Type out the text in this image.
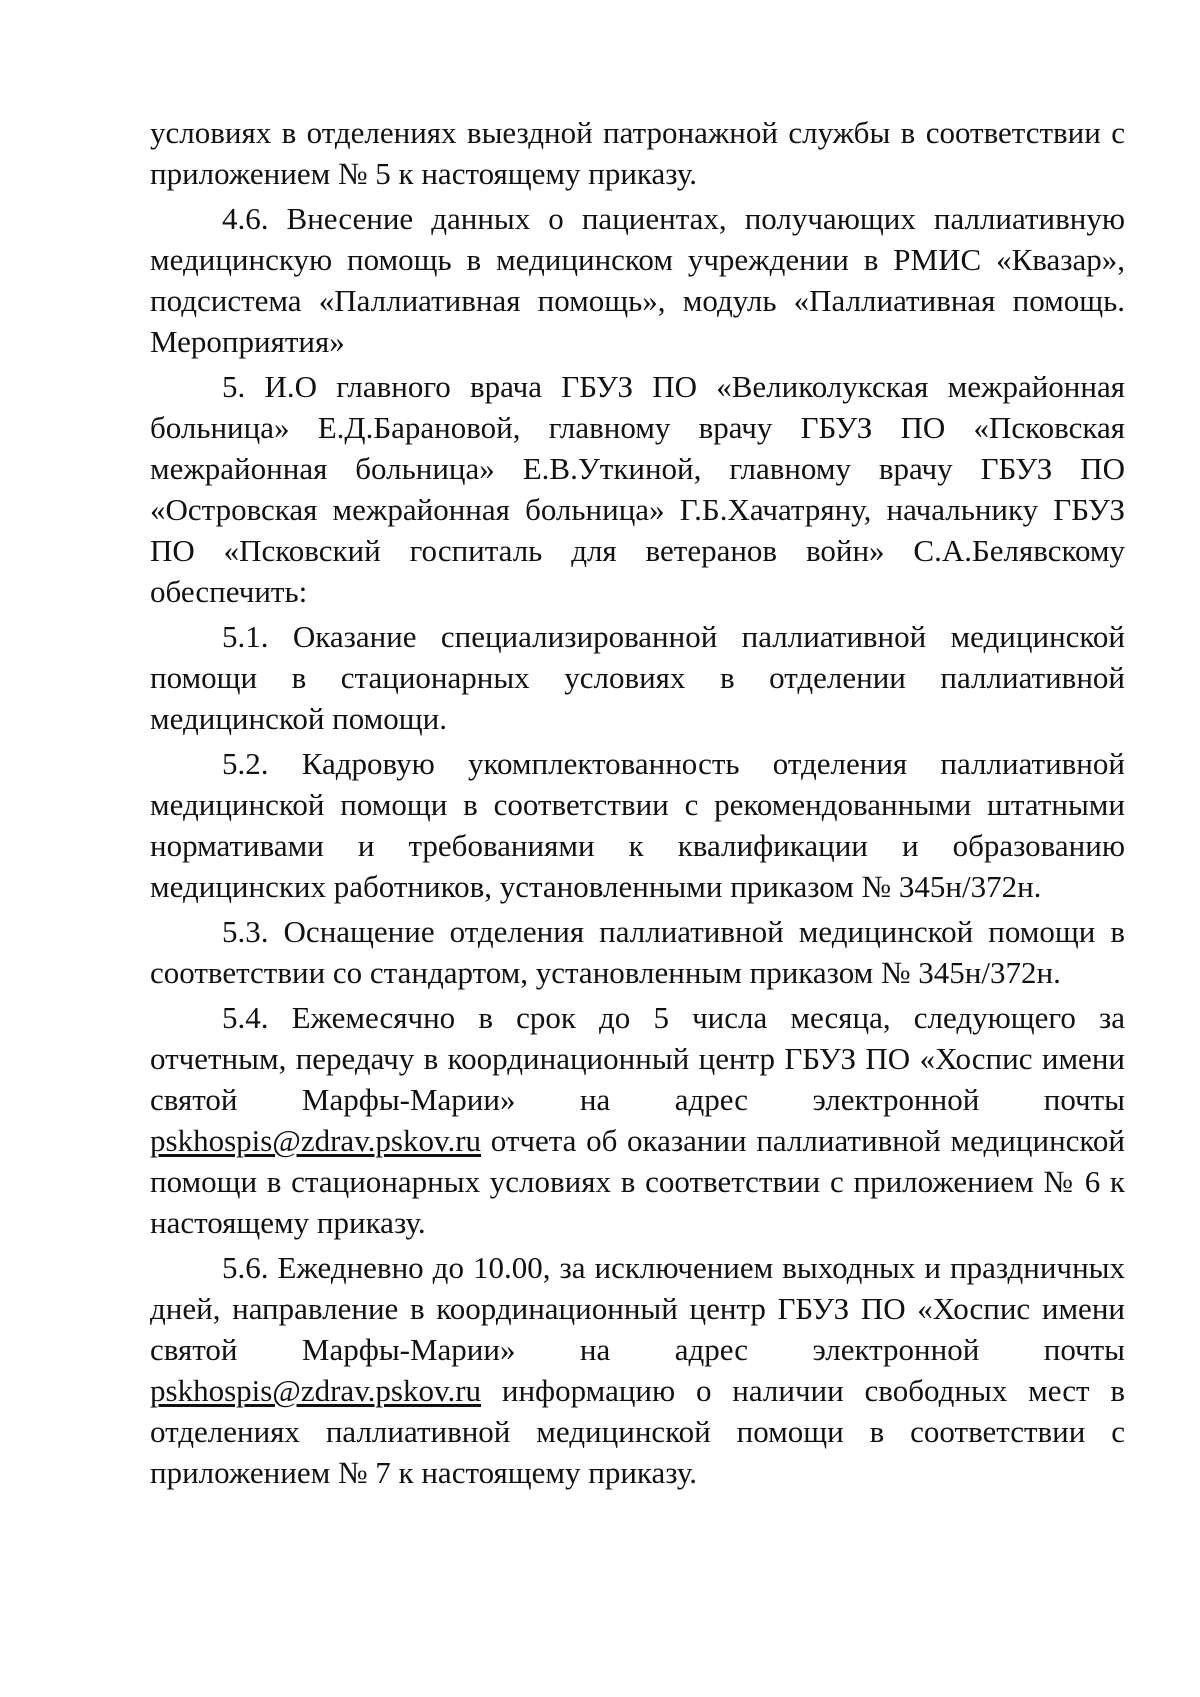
условиях в отделениях выездной патронажной службы в соответствии с приложением № 5 к настоящему приказу.

4.6. Внесение данных о пациентах, получающих паллиативную медицинскую помощь в медицинском учреждении в РМИС «Квазар», подсистема «Паллиативная помощь», модуль «Паллиативная помощь. Мероприятия»

5. И.О главного врача ГБУЗ ПО «Великолукская межрайонная больница» Е.Д.Барановой, главному врачу ГБУЗ ПО «Псковская межрайонная больница» Е.В.Уткиной, главному врачу ГБУЗ ПО «Островская межрайонная больница» Г.Б.Хачатряну, начальнику ГБУЗ ПО «Псковский госпиталь для ветеранов войн» С.А.Белявскому обеспечить:

5.1. Оказание специализированной паллиативной медицинской помощи в стационарных условиях в отделении паллиативной медицинской помощи.

5.2. Кадровую укомплектованность отделения паллиативной медицинской помощи в соответствии с рекомендованными штатными нормативами и требованиями к квалификации и образованию медицинских работников, установленными приказом № 345н/372н.

5.3. Оснащение отделения паллиативной медицинской помощи в соответствии со стандартом, установленным приказом № 345н/372н.

5.4. Ежемесячно в срок до 5 числа месяца, следующего за отчетным, передачу в координационный центр ГБУЗ ПО «Хоспис имени святой Марфы-Марии» на адрес электронной почты pskhospis@zdrav.pskov.ru отчета об оказании паллиативной медицинской помощи в стационарных условиях в соответствии с приложением № 6 к настоящему приказу.

5.6. Ежедневно до 10.00, за исключением выходных и праздничных дней, направление в координационный центр ГБУЗ ПО «Хоспис имени святой Марфы-Марии» на адрес электронной почты pskhospis@zdrav.pskov.ru информацию о наличии свободных мест в отделениях паллиативной медицинской помощи в соответствии с приложением № 7 к настоящему приказу.
